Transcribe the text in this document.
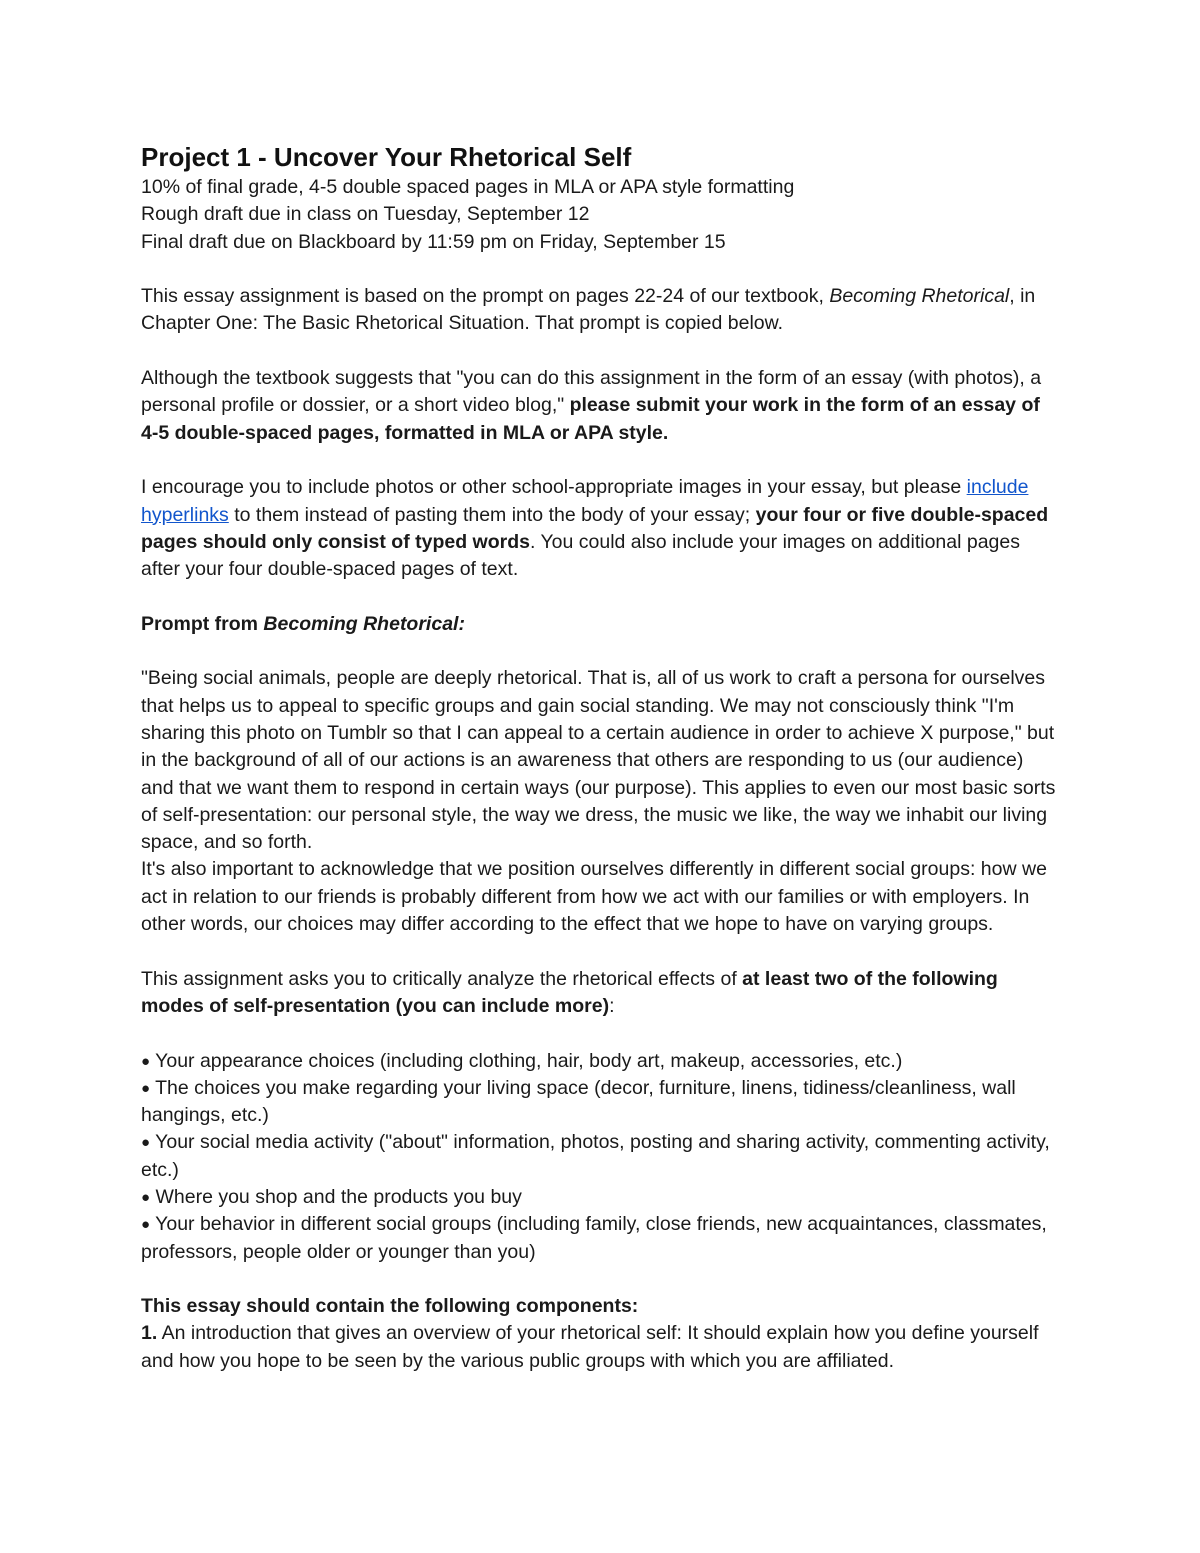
Project 1 - Uncover Your Rhetorical Self

10% of final grade, 4-5 double spaced pages in MLA or APA style formatting

Rough draft due in class on Tuesday, September 12

Final draft due on Blackboard by 11:59 pm on Friday, September 15

This essay assignment is based on the prompt on pages 22-24 of our textbook, Becoming Rhetorical, in Chapter One: The Basic Rhetorical Situation. That prompt is copied below.

Although the textbook suggests that "you can do this assignment in the form of an essay (with photos), a personal profile or dossier, or a short video blog," please submit your work in the form of an essay of 4-5 double-spaced pages, formatted in MLA or APA style.

I encourage you to include photos or other school-appropriate images in your essay, but please include hyperlinks to them instead of pasting them into the body of your essay; your four or five double-spaced pages should only consist of typed words. You could also include your images on additional pages after your four double-spaced pages of text.

Prompt from Becoming Rhetorical:

"Being social animals, people are deeply rhetorical. That is, all of us work to craft a persona for ourselves that helps us to appeal to specific groups and gain social standing. We may not consciously think "I'm sharing this photo on Tumblr so that I can appeal to a certain audience in order to achieve X purpose," but in the background of all of our actions is an awareness that others are responding to us (our audience) and that we want them to respond in certain ways (our purpose). This applies to even our most basic sorts of self-presentation: our personal style, the way we dress, the music we like, the way we inhabit our living space, and so forth.

It's also important to acknowledge that we position ourselves differently in different social groups: how we act in relation to our friends is probably different from how we act with our families or with employers. In other words, our choices may differ according to the effect that we hope to have on varying groups.

This assignment asks you to critically analyze the rhetorical effects of at least two of the following modes of self-presentation (you can include more):

● Your appearance choices (including clothing, hair, body art, makeup, accessories, etc.)

● The choices you make regarding your living space (decor, furniture, linens, tidiness/cleanliness, wall hangings, etc.)

● Your social media activity ("about" information, photos, posting and sharing activity, commenting activity, etc.)

● Where you shop and the products you buy

● Your behavior in different social groups (including family, close friends, new acquaintances, classmates, professors, people older or younger than you)

This essay should contain the following components:

1. An introduction that gives an overview of your rhetorical self: It should explain how you define yourself and how you hope to be seen by the various public groups with which you are affiliated.
